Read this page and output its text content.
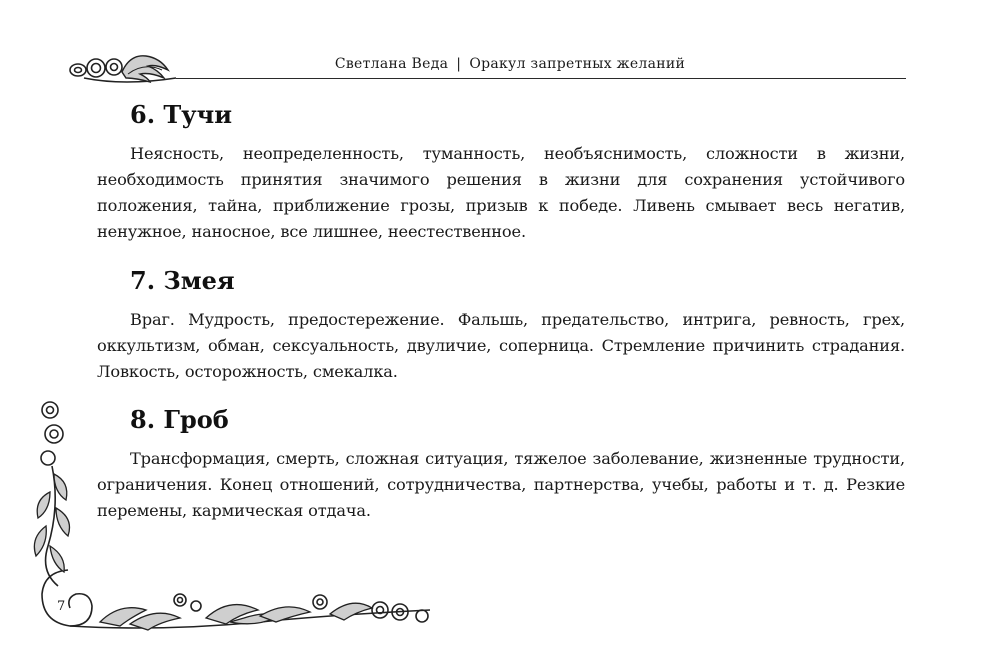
Светлана Веда | Оракул запретных желаний
6. Тучи
Неясность, неопределенность, туманность, необъяснимость, сложности в жизни, необходимость принятия значимого решения в жизни для сохранения устойчивого положения, тайна, приближение грозы, призыв к победе. Ливень смывает весь негатив, ненужное, наносное, все лишнее, неестественное.
7. Змея
Враг. Мудрость, предостережение. Фальшь, предательство, интрига, ревность, грех, оккультизм, обман, сексуальность, двуличие, соперница. Стремление причинить страдания. Ловкость, осторожность, смекалка.
8. Гроб
Трансформация, смерть, сложная ситуация, тяжелое заболевание, жизненные трудности, ограничения. Конец отношений, сотрудничества, партнерства, учебы, работы и т. д. Резкие перемены, кармическая отдача.
7
